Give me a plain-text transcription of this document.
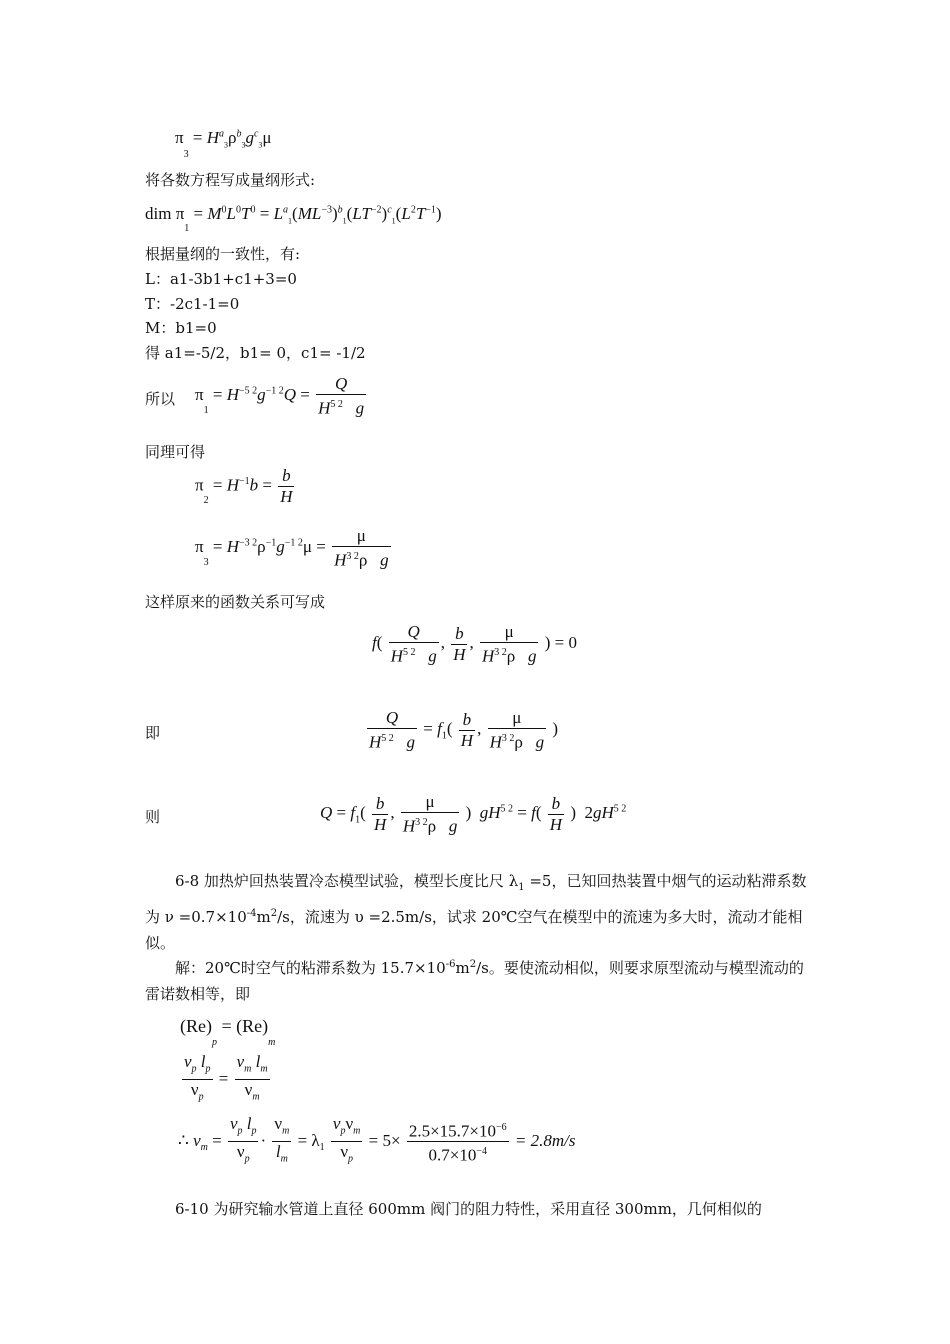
$\pi_3 = H^a_3\rho^b_3g^c_3\mu$
将各数方程写成量纲形式:
dim $\pi_1 = M^0L^0T^0 = L^a_1(ML^{-3})^b_1(LT^{-2})^c_1(L^2T^{-1})$
根据量纲的一致性，有:
L：a1-3b1+c1+3=0
T：-2c1-1=0
M：b1=0
得 a1=-5/2，b1= 0，c1= -1/2
所以 $\pi_1 = H^{-5 2}g^{-1 2}Q = \frac{Q}{H^{5 2} g}$
同理可得
$\pi_2 = H^{-1}b = \frac{b}{H}$
$\pi_3 = H^{-3 2}\rho^{-1}g^{-1 2}\mu = \frac{\mu}{H^{3 2}\rho g}$
这样原来的函数关系可写成
$f( \frac{Q}{H^{5 2} g}$ , $\frac{b}{H}$ , $\frac{\mu}{H^{3 2}\rho g}$ ) = 0
即	$\frac{Q}{H^{5 2} g} = f_1( \frac{b}{H}$ , $\frac{\mu}{H^{3 2}\rho g}$ )
则	$Q = f_1( \frac{b}{H}$ , $\frac{\mu}{H^{3 2}\rho g}$ )  $gH^{5 2} = f( \frac{b}{H}$ )  $2gH^{5 2}$
6-8 加热炉回热装置冷态模型试验，模型长度比尺 $\lambda_1 =5$，已知回热装置中烟气的运动粘滞系数为 $\nu =0.7\times 10^{-4}m^2/s$，流速为 υ =2.5m/s，试求 20℃空气在模型中的流速为多大时，流动才能相似。
解：20℃时空气的粘滞系数为 $15.7\times 10^{-6}m^2/s$。要使流动相似，则要求原型流动与模型流动的雷诺数相等，即
$(Re)_p = (Re)_m$
$\frac{v_p l_p}{\nu_p} = \frac{v_m l_m}{\nu_m}$
∴ $v_m = \frac{v_p l_p}{\nu_p} \cdot \frac{\nu_m}{l_m} = \lambda_1 \frac{v_p\nu_m}{\nu_p} = 5\times \frac{2.5\times 15.7\times 10^{-6}}{0.7\times 10^{-4}} = 2.8m/s$
6-10 为研究输水管道上直径 600mm 阀门的阻力特性，采用直径 300mm，几何相似的
